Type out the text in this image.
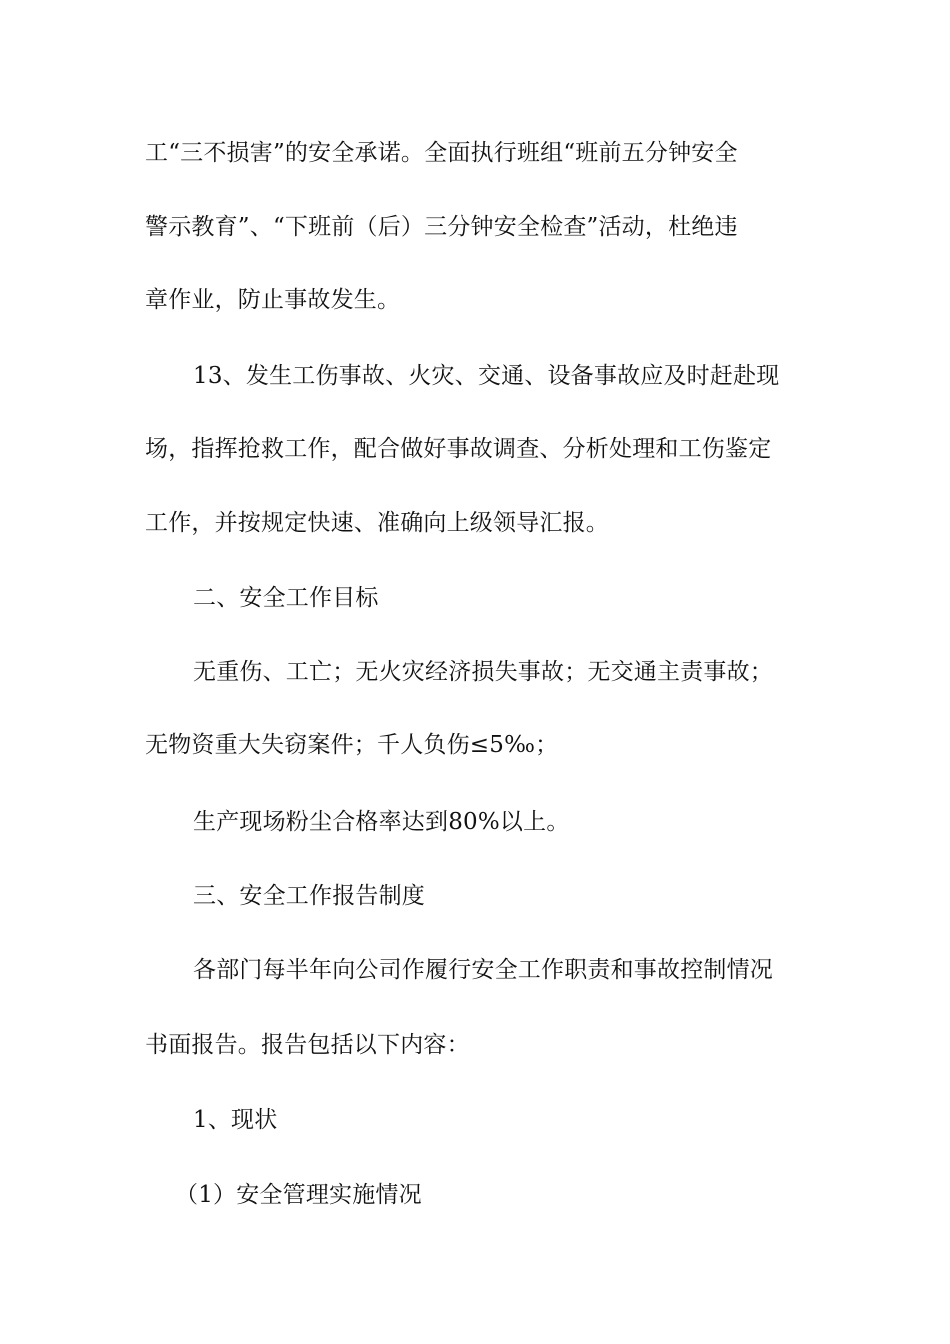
工“三不损害”的安全承诺。全面执行班组“班前五分钟安全
警示教育”、“下班前（后）三分钟安全检查”活动，杜绝违
章作业，防止事故发生。
13、发生工伤事故、火灾、交通、设备事故应及时赶赴现
场，指挥抢救工作，配合做好事故调查、分析处理和工伤鉴定
工作，并按规定快速、准确向上级领导汇报。
二、安全工作目标
无重伤、工亡；无火灾经济损失事故；无交通主责事故；
无物资重大失窃案件；千人负伤≤5‰；
生产现场粉尘合格率达到80%以上。
三、安全工作报告制度
各部门每半年向公司作履行安全工作职责和事故控制情况
书面报告。报告包括以下内容：
1、现状
（1）安全管理实施情况
